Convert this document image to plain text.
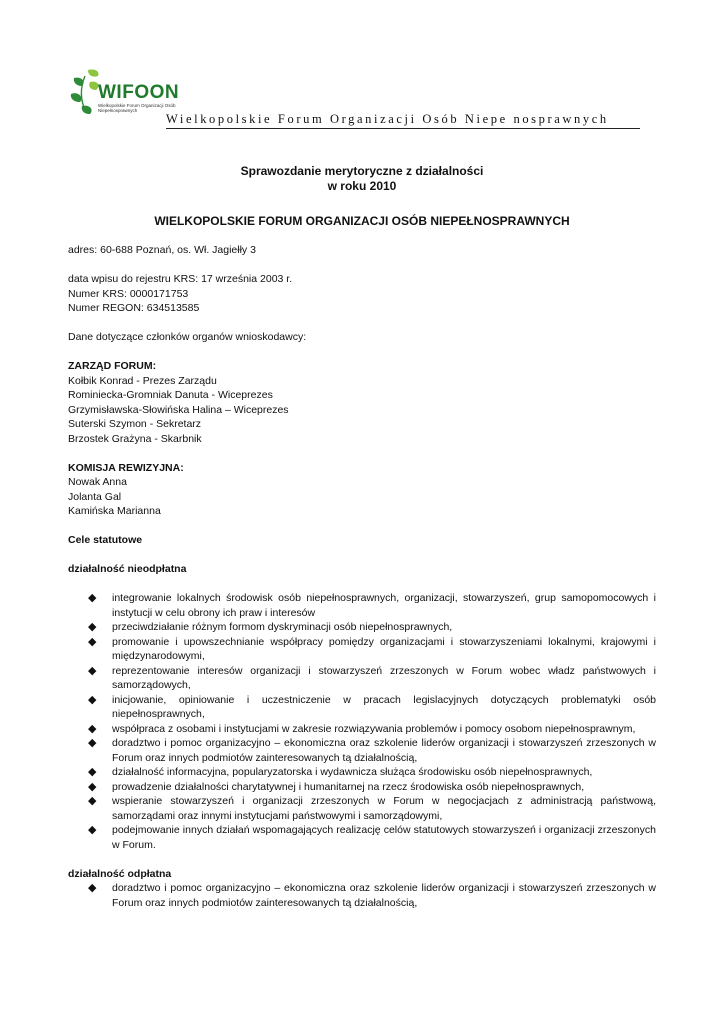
WIFOON
Wielkopolskie Forum Organizacji Osób Niepełnosprawnych
Wielkopolskie Forum Organizacji Osób Niepe nosprawnych
Sprawozdanie merytoryczne z działalności
w roku 2010
WIELKOPOLSKIE FORUM ORGANIZACJI OSÓB NIEPEŁNOSPRAWNYCH
adres: 60-688 Poznań, os. Wł. Jagiełły 3
data wpisu do rejestru KRS: 17 września 2003 r.
Numer KRS: 0000171753
Numer REGON: 634513585
Dane dotyczące członków organów wnioskodawcy:
ZARZĄD FORUM:
Kołbik Konrad - Prezes Zarządu
Rominiecka-Gromniak Danuta - Wiceprezes
Grzymisławska-Słowińska Halina – Wiceprezes
Suterski Szymon - Sekretarz
Brzostek Grażyna - Skarbnik
KOMISJA REWIZYJNA:
Nowak Anna
Jolanta Gal
Kamińska Marianna
Cele statutowe
działalność nieodpłatna
◆ integrowanie lokalnych środowisk osób niepełnosprawnych, organizacji, stowarzyszeń, grup samopomocowych i instytucji w celu obrony ich praw i interesów
◆ przeciwdziałanie różnym formom dyskryminacji osób niepełnosprawnych,
◆ promowanie i upowszechnianie współpracy pomiędzy organizacjami i stowarzyszeniami lokalnymi, krajowymi i międzynarodowymi,
◆ reprezentowanie interesów organizacji i stowarzyszeń zrzeszonych w Forum wobec władz państwowych i samorządowych,
◆ inicjowanie, opiniowanie i uczestniczenie w pracach legislacyjnych dotyczących problematyki osób niepełnosprawnych,
◆ współpraca z osobami i instytucjami w zakresie rozwiązywania problemów i pomocy osobom niepełnosprawnym,
◆ doradztwo i pomoc organizacyjno – ekonomiczna oraz szkolenie liderów organizacji i stowarzyszeń zrzeszonych w Forum oraz innych podmiotów zainteresowanych tą działalnością,
◆ działalność informacyjna, popularyzatorska i wydawnicza służąca środowisku osób niepełnosprawnych,
◆ prowadzenie działalności charytatywnej i humanitarnej na rzecz środowiska osób niepełnosprawnych,
◆ wspieranie stowarzyszeń i organizacji zrzeszonych w Forum w negocjacjach z administracją państwową, samorządami oraz innymi instytucjami państwowymi i samorządowymi,
◆ podejmowanie innych działań wspomagających realizację celów statutowych stowarzyszeń i organizacji zrzeszonych w Forum.
działalność odpłatna
◆ doradztwo i pomoc organizacyjno – ekonomiczna oraz szkolenie liderów organizacji i stowarzyszeń zrzeszonych w Forum oraz innych podmiotów zainteresowanych tą działalnością,
